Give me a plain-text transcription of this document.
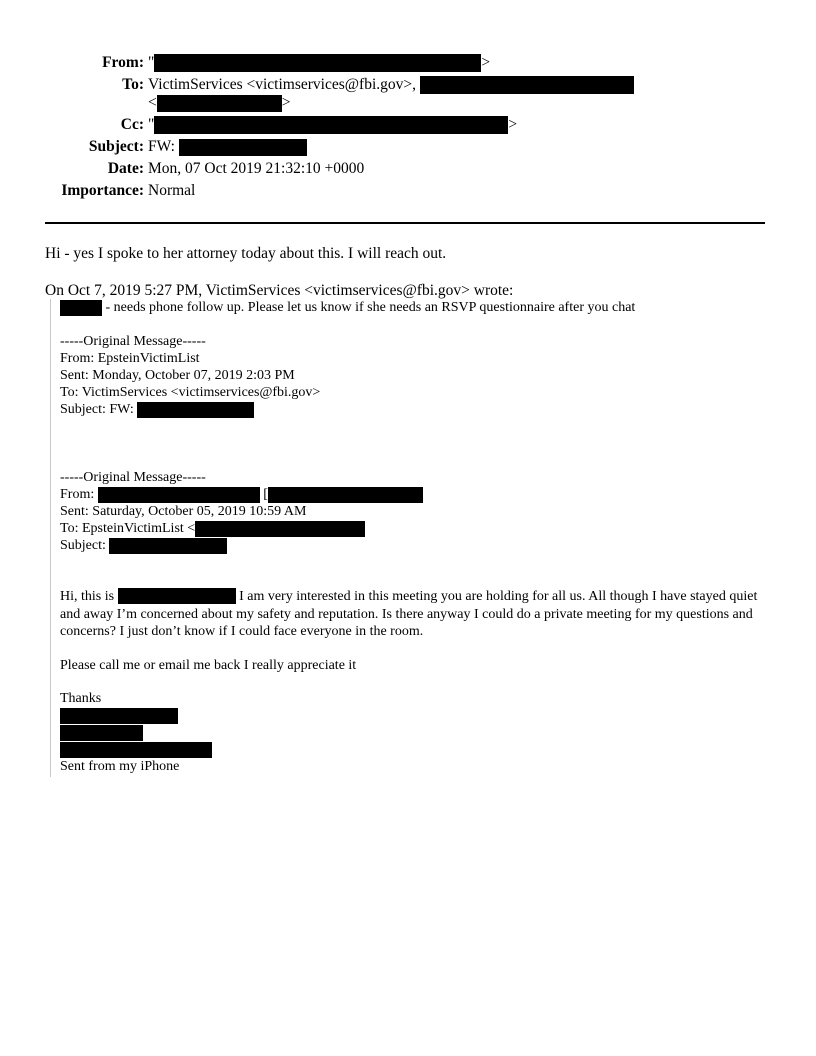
From: "	>
To: VictimServices <victimservices@fbi.gov>,
<	>
Cc: "	>
Subject: FW:
Date: Mon, 07 Oct 2019 21:32:10 +0000
Importance: Normal
Hi - yes I spoke to her attorney today about this. I will reach out.
On Oct 7, 2019 5:27 PM, VictimServices <victimservices@fbi.gov> wrote:
- needs phone follow up. Please let us know if she needs an RSVP questionnaire after you chat
-----Original Message-----
From: EpsteinVictimList
Sent: Monday, October 07, 2019 2:03 PM
To: VictimServices <victimservices@fbi.gov>
Subject: FW:
-----Original Message-----
From:	[
Sent: Saturday, October 05, 2019 10:59 AM
To: EpsteinVictimList <
Subject:
Hi, this is	I am very interested in this meeting you are holding for all us. All though I have stayed quiet and away I’m concerned about my safety and reputation. Is there anyway I could do a private meeting for my questions and concerns? I just don’t know if I could face everyone in the room.
Please call me or email me back I really appreciate it
Thanks
Sent from my iPhone
